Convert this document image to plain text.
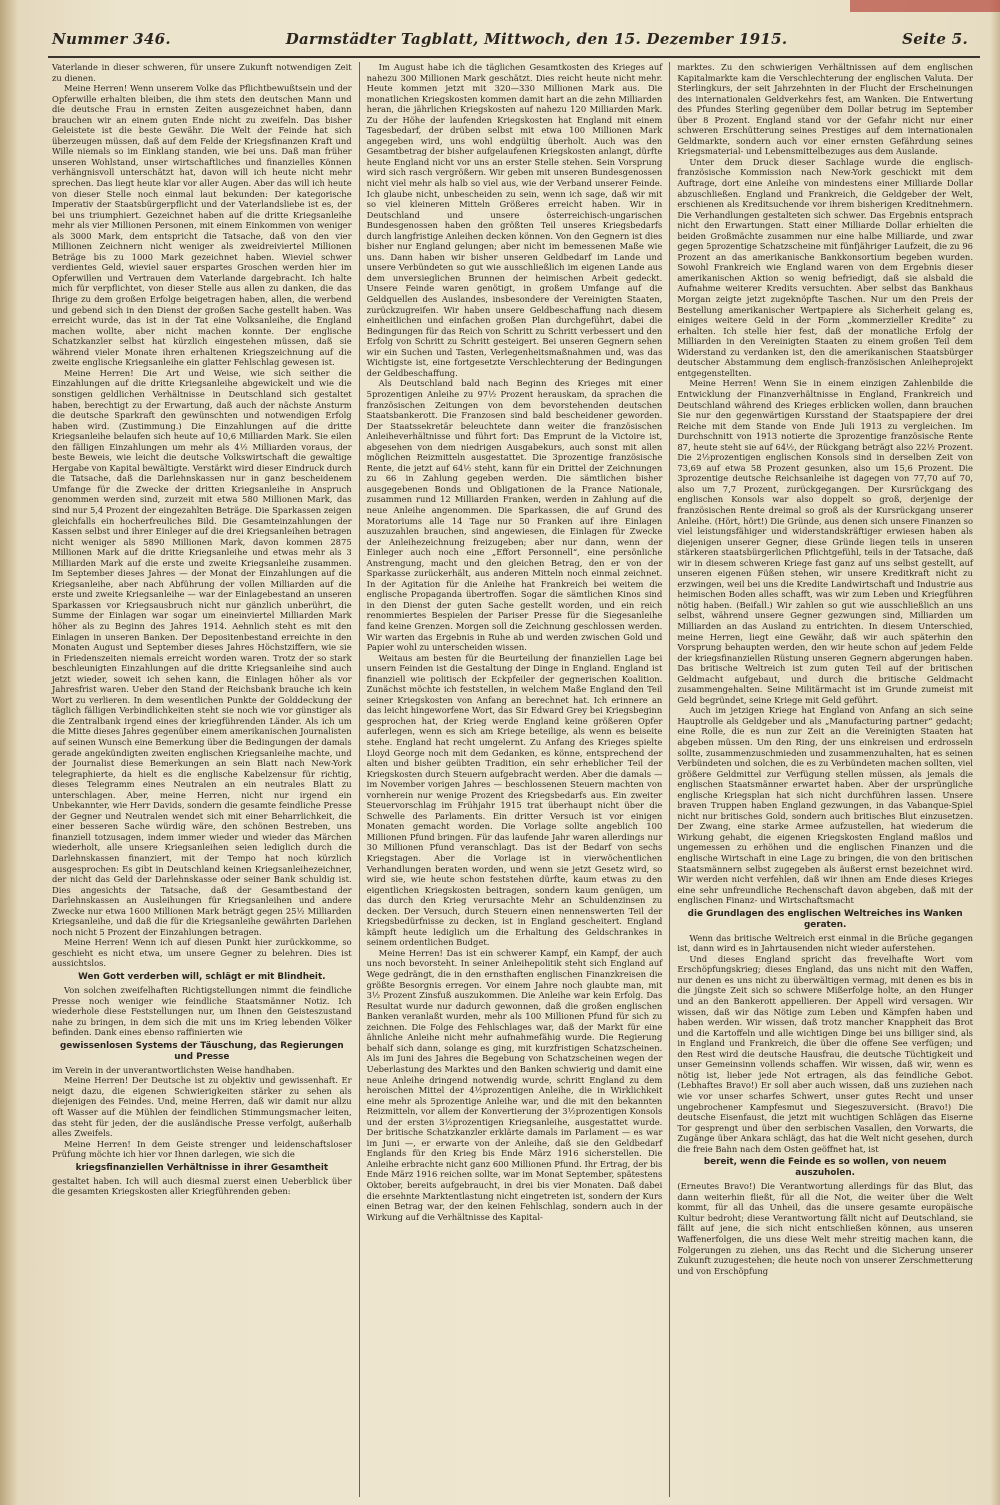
Nummer 346.	Darmstädter Tagblatt, Mittwoch, den 15. Dezember 1915.	Seite 5.

Vaterlande in dieser schweren, für unsere Zukunft notwendigen Zeit zu dienen.

Meine Herren! Wenn unserem Volke das Pflichtbewußtsein und der Opferwille erhalten bleiben, die ihm stets den deutschen Mann und die deutsche Frau in ernsten Zeiten ausgezeichnet haben, dann brauchen wir an einem guten Ende nicht zu zweifeln. Das bisher Geleistete ist die beste Gewähr. Die Welt der Feinde hat sich überzeugen müssen, daß auf dem Felde der Kriegsfinanzen Kraft und Wille niemals so im Einklang standen, wie bei uns. Daß man früher unseren Wohlstand, unser wirtschaftliches und finanzielles Können verhängnisvoll unterschätzt hat, davon will ich heute nicht mehr sprechen. Das liegt heute klar vor aller Augen. Aber das will ich heute von dieser Stelle noch einmal laut bekunden: Der kategorische Imperativ der Staatsbürgerpflicht und der Vaterlandsliebe ist es, der bei uns triumphiert. Gezeichnet haben auf die dritte Kriegsanleihe mehr als vier Millionen Personen, mit einem Einkommen von weniger als 3000 Mark, dem entspricht die Tatsache, daß von den vier Millionen Zeichnern nicht weniger als zweidreiviertel Millionen Beträge bis zu 1000 Mark gezeichnet haben. Wieviel schwer verdientes Geld, wieviel sauer erspartes Groschen werden hier im Opferwillen und Vertrauen dem Vaterlande dargebracht. Ich halte mich für verpflichtet, von dieser Stelle aus allen zu danken, die das Ihrige zu dem großen Erfolge beigetragen haben, allen, die werbend und gebend sich in den Dienst der großen Sache gestellt haben. Was erreicht wurde, das ist in der Tat eine Volksanleihe, die England machen wollte, aber nicht machen konnte. Der englische Schatzkanzler selbst hat kürzlich eingestehen müssen, daß sie während vieler Monate ihren erhaltenen Kriegszeichnung auf die zweite englische Kriegsanleihe ein glatter Fehlschlag gewesen ist.

Meine Herren! Die Art und Weise, wie sich seither die Einzahlungen auf die dritte Kriegsanleihe abgewickelt und wie die sonstigen geldlichen Verhältnisse in Deutschland sich gestaltet haben, berechtigt zu der Erwartung, daß auch der nächste Ansturm die deutsche Sparkraft den gewünschten und notwendigen Erfolg haben wird. (Zustimmung.) Die Einzahlungen auf die dritte Kriegsanleihe belaufen sich heute auf 10,6 Milliarden Mark. Sie eilen den fälligen Einzahlungen um mehr als 4½ Milliarden voraus, der beste Beweis, wie leicht die deutsche Volkswirtschaft die gewaltige Hergabe von Kapital bewältigte. Verstärkt wird dieser Eindruck durch die Tatsache, daß die Darlehnskassen nur in ganz bescheidenem Umfange für die Zwecke der dritten Kriegsanleihe in Anspruch genommen werden sind, zurzeit mit etwa 580 Millionen Mark, das sind nur 5,4 Prozent der eingezahlten Beträge. Die Sparkassen zeigen gleichfalls ein hocherfreuliches Bild. Die Gesamteinzahlungen der Kassen selbst und ihrer Einleger auf die drei Kriegsanleihen betragen nicht weniger als 5890 Millionen Mark, davon kommen 2875 Millionen Mark auf die dritte Kriegsanleihe und etwas mehr als 3 Milliarden Mark auf die erste und zweite Kriegsanleihe zusammen. Im September dieses Jahres — der Monat der Einzahlungen auf die Kriegsanleihe, aber nach Abführung der vollen Milliarden auf die erste und zweite Kriegsanleihe — war der Einlagebestand an unseren Sparkassen vor Kriegsausbruch nicht nur gänzlich unberührt, die Summe der Einlagen war sogar um eineinviertel Milliarden Mark höher als zu Beginn des Jahres 1914. Aehnlich steht es mit den Einlagen in unseren Banken. Der Depositenbestand erreichte in den Monaten August und September dieses Jahres Höchstziffern, wie sie in Friedenszeiten niemals erreicht worden waren. Trotz der so stark beschleunigten Einzahlungen auf die dritte Kriegsanleihe sind auch jetzt wieder, soweit ich sehen kann, die Einlagen höher als vor Jahresfrist waren. Ueber den Stand der Reichsbank brauche ich kein Wort zu verlieren. In dem wesentlichen Punkte der Golddeckung der täglich fälligen Verbindlichkeiten steht sie noch wie vor günstiger als die Zentralbank irgend eines der kriegführenden Länder. Als ich um die Mitte dieses Jahres gegenüber einem amerikanischen Journalisten auf seinen Wunsch eine Bemerkung über die Bedingungen der damals gerade angekündigten zweiten englischen Kriegsanleihe machte, und der Journalist diese Bemerkungen an sein Blatt nach New-York telegraphierte, da hielt es die englische Kabelzensur für richtig, dieses Telegramm eines Neutralen an ein neutrales Blatt zu unterschlagen. Aber, meine Herren, nicht nur irgend ein Unbekannter, wie Herr Davids, sondern die gesamte feindliche Presse der Gegner und Neutralen wendet sich mit einer Beharrlichkeit, die einer besseren Sache würdig wäre, den schönen Bestreben, uns finanziell totzusagen, indem immer wieder und wieder das Märchen wiederholt, alle unsere Kriegsanleihen seien lediglich durch die Darlehnskassen finanziert, mit der Tempo hat noch kürzlich ausgesprochen: Es gibt in Deutschland keinen Kriegsanleihezeichner, der nicht das Geld der Darlehnskasse oder seiner Bank schuldig ist. Dies angesichts der Tatsache, daß der Gesamtbestand der Darlehnskassen an Ausleihungen für Kriegsanleihen und andere Zwecke nur etwa 1600 Millionen Mark beträgt gegen 25½ Milliarden Kriegsanleihe, und daß die für die Kriegsanleihe gewährten Darlehen noch nicht 5 Prozent der Einzahlungen betragen.

Meine Herren! Wenn ich auf diesen Punkt hier zurückkomme, so geschieht es nicht etwa, um unsere Gegner zu belehren. Dies ist aussichtslos.

Wen Gott verderben will, schlägt er mit Blindheit.

Von solchen zweifelhaften Richtigstellungen nimmt die feindliche Presse noch weniger wie feindliche Staatsmänner Notiz. Ich wiederhole diese Feststellungen nur, um Ihnen den Geisteszustand nahe zu bringen, in dem sich die mit uns im Krieg lebenden Völker befinden. Dank eines ebenso raffinierten wie

gewissenlosen Systems der Täuschung, das Regierungen und Presse

im Verein in der unverantwortlichsten Weise handhaben.

Meine Herren! Der Deutsche ist zu objektiv und gewissenhaft. Er neigt dazu, die eigenen Schwierigkeiten stärker zu sehen als diejenigen des Feindes. Und, meine Herren, daß wir damit nur allzu oft Wasser auf die Mühlen der feindlichen Stimmungsmacher leiten, das steht für jeden, der die ausländische Presse verfolgt, außerhalb alles Zweifels.

Meine Herren! In dem Geiste strenger und leidenschaftsloser Prüfung möchte ich hier vor Ihnen darlegen, wie sich die

kriegsfinanziellen Verhältnisse in ihrer Gesamtheit

gestaltet haben. Ich will auch diesmal zuerst einen Ueberblick über die gesamten Kriegskosten aller Kriegführenden geben:

Im August habe ich die täglichen Gesamtkosten des Krieges auf nahezu 300 Millionen Mark geschätzt. Dies reicht heute nicht mehr. Heute kommen jetzt mit 320—330 Millionen Mark aus. Die monatlichen Kriegskosten kommen damit hart an die zehn Milliarden heran, die jährlichen Kriegskosten auf nahezu 120 Milliarden Mark. Zu der Höhe der laufenden Kriegskosten hat England mit einem Tagesbedarf, der drüben selbst mit etwa 100 Millionen Mark angegeben wird, uns wohl endgültig überholt. Auch was den Gesamtbetrag der bisher aufgelaufenen Kriegskosten anlangt, dürfte heute England nicht vor uns an erster Stelle stehen. Sein Vorsprung wird sich rasch vergrößern. Wir geben mit unseren Bundesgenossen nicht viel mehr als halb so viel aus, wie der Verband unserer Feinde. Ich glaube nicht, unbescheiden zu sein, wenn ich sage, daß wir mit so viel kleineren Mitteln Größeres erreicht haben. Wir in Deutschland und unsere österreichisch-ungarischen Bundesgenossen haben den größten Teil unseres Kriegsbedarfs durch langfristige Anleihen decken können. Von den Gegnern ist dies bisher nur England gelungen; aber nicht im bemessenen Maße wie uns. Dann haben wir bisher unseren Geldbedarf im Lande und unsere Verbündeten so gut wie ausschließlich im eigenen Lande aus dem unversieglichen Brunnen der heimischen Arbeit gedeckt. Unsere Feinde waren genötigt, in großem Umfange auf die Geldquellen des Auslandes, insbesondere der Vereinigten Staaten, zurückzugreifen. Wir haben unsere Geldbeschaffung nach diesem einheitlichen und einfachen großen Plan durchgeführt, dabei die Bedingungen für das Reich von Schritt zu Schritt verbessert und den Erfolg von Schritt zu Schritt gesteigert. Bei unseren Gegnern sehen wir ein Suchen und Tasten, Verlegenheitsmaßnahmen und, was das Wichtigste ist, eine fortgesetzte Verschlechterung der Bedingungen der Geldbeschaffung.

Als Deutschland bald nach Beginn des Krieges mit einer 5prozentigen Anleihe zu 97½ Prozent herauskam, da sprachen die französischen Zeitungen von dem bevorstehenden deutschen Staatsbankerott. Die Franzosen sind bald bescheidener geworden. Der Staatssekretär beleuchtete dann weiter die französischen Anleiheverhältnisse und führt fort: Das Emprunt de la Victoire ist, abgesehen von dem niedrigen Ausgabekurs, auch sonst mit allen möglichen Reizmitteln ausgestattet. Die 3prozentige französische Rente, die jetzt auf 64½ steht, kann für ein Drittel der Zeichnungen zu 66 in Zahlung gegeben werden. Die sämtlichen bisher ausgegebenen Bonds und Obligationen de la France Nationale, zusammen rund 12 Milliarden Franken, werden in Zahlung auf die neue Anleihe angenommen. Die Sparkassen, die auf Grund des Moratoriums alle 14 Tage nur 50 Franken auf ihre Einlagen auszuzahlen brauchen, sind angewiesen, die Einlagen für Zwecke der Anleihezeichnung freizugeben; aber nur dann, wenn der Einleger auch noch eine „Effort Personnell“, eine persönliche Anstrengung, macht und den gleichen Betrag, den er von der Sparkasse zurückerhält, aus anderen Mitteln noch einmal zeichnet. In der Agitation für die Anleihe hat Frankreich bei weitem die englische Propaganda übertroffen. Sogar die sämtlichen Kinos sind in den Dienst der guten Sache gestellt worden, und ein reich renommiertes Bespielen der Pariser Presse für die Siegesanleihe fand keine Grenzen. Morgen soll die Zeichnung geschlossen werden. Wir warten das Ergebnis in Ruhe ab und werden zwischen Gold und Papier wohl zu unterscheiden wissen.

Weitaus am besten für die Beurteilung der finanziellen Lage bei unsern Feinden ist die Gestaltung der Dinge in England. England ist finanziell wie politisch der Eckpfeiler der gegnerischen Koalition. Zunächst möchte ich feststellen, in welchem Maße England den Teil seiner Kriegskosten von Anfang an berechnet hat. Ich erinnere an das leicht hingeworfene Wort, das Sir Edward Grey bei Kriegsbeginn gesprochen hat, der Krieg werde England keine größeren Opfer auferlegen, wenn es sich am Kriege beteilige, als wenn es beiseite stehe. England hat recht umgelernt. Zu Anfang des Krieges spielte Lloyd George noch mit dem Gedanken, es könne, entsprechend der alten und bisher geübten Tradition, ein sehr erheblicher Teil der Kriegskosten durch Steuern aufgebracht werden. Aber die damals — im November vorigen Jahres — beschlossenen Steuern machten von vornherein nur wenige Prozent des Kriegsbedarfs aus. Ein zweiter Steuervorschlag im Frühjahr 1915 trat überhaupt nicht über die Schwelle des Parlaments. Ein dritter Versuch ist vor einigen Monaten gemacht worden. Die Vorlage sollte angeblich 100 Millionen Pfund bringen. Für das laufende Jahr waren allerdings nur 30 Millionen Pfund veranschlagt. Das ist der Bedarf von sechs Kriegstagen. Aber die Vorlage ist in vierwöchentlichen Verhandlungen beraten worden, und wenn sie jetzt Gesetz wird, so wird sie, wie heute schon feststehen dürfte, kaum etwas zu den eigentlichen Kriegskosten beitragen, sondern kaum genügen, um das durch den Krieg verursachte Mehr an Schuldenzinsen zu decken. Der Versuch, durch Steuern einen nennenswerten Teil der Kriegsbedürfnisse zu decken, ist in England gescheitert. England kämpft heute lediglich um die Erhaltung des Geldschrankes in seinem ordentlichen Budget.

Meine Herren! Das ist ein schwerer Kampf, ein Kampf, der auch uns noch bevorsteht. In seiner Anleihepolitik steht sich England auf Wege gedrängt, die in den ernsthaften englischen Finanzkreisen die größte Besorgnis erregen. Vor einem Jahre noch glaubte man, mit 3½ Prozent Zinsfuß auszukommen. Die Anleihe war kein Erfolg. Das Resultat wurde nur dadurch gewonnen, daß die großen englischen Banken veranlaßt wurden, mehr als 100 Millionen Pfund für sich zu zeichnen. Die Folge des Fehlschlages war, daß der Markt für eine ähnliche Anleihe nicht mehr aufnahmefähig wurde. Die Regierung behalf sich dann, solange es ging, mit kurzfristigen Schatzscheinen. Als im Juni des Jahres die Begebung von Schatzscheinen wegen der Ueberlastung des Marktes und den Banken schwierig und damit eine neue Anleihe dringend notwendig wurde, schritt England zu dem heroischen Mittel der 4½prozentigen Anleihe, die in Wirklichkeit eine mehr als 5prozentige Anleihe war, und die mit den bekannten Reizmitteln, vor allem der Konvertierung der 3½prozentigen Konsols und der ersten 3½prozentigen Kriegsanleihe, ausgestattet wurde. Der britische Schatzkanzler erklärte damals im Parlament — es war im Juni —, er erwarte von der Anleihe, daß sie den Geldbedarf Englands für den Krieg bis Ende März 1916 sicherstellen. Die Anleihe erbrachte nicht ganz 600 Millionen Pfund. Ihr Ertrag, der bis Ende März 1916 reichen sollte, war im Monat September, spätestens Oktober, bereits aufgebraucht, in drei bis vier Monaten. Daß dabei die ersehnte Marktentlastung nicht eingetreten ist, sondern der Kurs einen Betrag war, der den keinen Fehlschlag, sondern auch in der Wirkung auf die Verhältnisse des Kapital-

marktes. Zu den schwierigen Verhältnissen auf dem englischen Kapitalmarkte kam die Verschlechterung der englischen Valuta. Der Sterlingkurs, der seit Jahrzehnten in der Flucht der Erscheinungen des internationalen Geldverkehrs fest, am Wanken. Die Entwertung des Pfundes Sterling gegenüber dem Dollar betrug im September über 8 Prozent. England stand vor der Gefahr nicht nur einer schweren Erschütterung seines Prestiges auf dem internationalen Geldmarkte, sondern auch vor einer ernsten Gefährdung seines Kriegsmaterial- und Lebensmittelbezuges aus dem Auslande.

Unter dem Druck dieser Sachlage wurde die englisch-französische Kommission nach New-York geschickt mit dem Auftrage, dort eine Anleihe von mindestens einer Milliarde Dollar abzuschließen. England und Frankreich, die Geldgeber der Welt, erschienen als Kreditsuchende vor ihrem bisherigen Kreditnehmern. Die Verhandlungen gestalteten sich schwer. Das Ergebnis entsprach nicht den Erwartungen. Statt einer Milliarde Dollar erhielten die beiden Großmächte zusammen nur eine halbe Milliarde, und zwar gegen 5prozentige Schatzscheine mit fünfjähriger Laufzeit, die zu 96 Prozent an das amerikanische Bankkonsortium begeben wurden. Sowohl Frankreich wie England waren von dem Ergebnis dieser amerikanischen Aktion so wenig befriedigt, daß sie alsbald die Aufnahme weiterer Kredits versuchten. Aber selbst das Bankhaus Morgan zeigte jetzt zugeknöpfte Taschen. Nur um den Preis der Bestellung amerikanischer Wertpapiere als Sicherheit gelang es, einiges weitere Geld in der Form „kommerzieller Kredite“ zu erhalten. Ich stelle hier fest, daß der monatliche Erfolg der Milliarden in den Vereinigten Staaten zu einem großen Teil dem Widerstand zu verdanken ist, den die amerikanischen Staatsbürger deutscher Abstammung dem englisch-französischen Anleiheprojekt entgegenstellten.

Meine Herren! Wenn Sie in einem einzigen Zahlenbilde die Entwicklung der Finanzverhältnisse in England, Frankreich und Deutschland während des Krieges erblicken wollen, dann brauchen Sie nur den gegenwärtigen Kursstand der Staatspapiere der drei Reiche mit dem Stande von Ende Juli 1913 zu vergleichen. Im Durchschnitt von 1913 notierte die 3prozentige französische Rente 87, heute steht sie auf 64½, der Rückgang beträgt also 22½ Prozent. Die 2½prozentigen englischen Konsols sind in derselben Zeit von 73,69 auf etwa 58 Prozent gesunken, also um 15,6 Prozent. Die 3prozentige deutsche Reichsanleihe ist dagegen von 77,70 auf 70, also um 7,7 Prozent, zurückgegangen. Der Kursrückgang des englischen Konsols war also doppelt so groß, derjenige der französischen Rente dreimal so groß als der Kursrückgang unserer Anleihe. (Hört, hört!) Die Gründe, aus denen sich unsere Finanzen so viel leistungsfähiger und widerstandskräftiger erwiesen haben als diejenigen unserer Gegner, diese Gründe liegen teils in unseren stärkeren staatsbürgerlichen Pflichtgefühl, teils in der Tatsache, daß wir in diesem schweren Kriege fast ganz auf uns selbst gestellt, auf unseren eigenen Füßen stehen, wir unsere Kreditkraft nicht zu erzwingen, weil bei uns die Kredite Landwirtschaft und Industrie aus heimischen Boden alles schafft, was wir zum Leben und Kriegführen nötig haben. (Beifall.) Wir zahlen so gut wie ausschließlich an uns selbst, während unsere Gegner gezwungen sind, Milliarden um Milliarden an das Ausland zu entrichten. In diesem Unterschied, meine Herren, liegt eine Gewähr, daß wir auch späterhin den Vorsprung behaupten werden, den wir heute schon auf jedem Felde der kriegsfinanziellen Rüstung unseren Gegnern abgerungen haben. Das britische Weltreich ist zum guten Teil auf der britischen Geldmacht aufgebaut, und durch die britische Geldmacht zusammengehalten. Seine Militärmacht ist im Grunde zumeist mit Geld begründet, seine Kriege mit Geld geführt.

Auch im jetzigen Kriege hat England von Anfang an sich seine Hauptrolle als Geldgeber und als „Manufacturing partner“ gedacht; eine Rolle, die es nun zur Zeit an die Vereinigten Staaten hat abgeben müssen. Um den Ring, der uns einkreisen und erdrosseln sollte, zusammenzuschmieden und zusammenzuhalten, hat es seinen Verbündeten und solchen, die es zu Verbündeten machen sollten, viel größere Geldmittel zur Verfügung stellen müssen, als jemals die englischen Staatsmänner erwartet haben. Aber der ursprüngliche englische Kriegsplan hat sich nicht durchführen lassen. Unsere braven Truppen haben England gezwungen, in das Vabanque-Spiel nicht nur britisches Gold, sondern auch britisches Blut einzusetzen. Der Zwang, eine starke Armee aufzustellen, hat wiederum die Wirkung gehabt, die eigenen Kriegskosten England maßlos und ungemessen zu erhöhen und die englischen Finanzen und die englische Wirtschaft in eine Lage zu bringen, die von den britischen Staatsmännern selbst zugegeben als äußerst ernst bezeichnet wird. Wir werden nicht verfehlen, daß wir ihnen am Ende dieses Krieges eine sehr unfreundliche Rechenschaft davon abgeben, daß mit der englischen Finanz- und Wirtschaftsmacht

die Grundlagen des englischen Weltreiches ins Wanken geraten.

Wenn das britische Weltreich erst einmal in die Brüche gegangen ist, dann wird es in Jahrtausenden nicht wieder auferstehen.

Und dieses England spricht das frevelhafte Wort vom Erschöpfungskrieg; dieses England, das uns nicht mit den Waffen, nur denen es uns nicht zu überwältigen vermag, mit denen es bis in die jüngste Zeit sich so schwere Mißerfolge holte, an den Hunger und an den Bankerott appellieren. Der Appell wird versagen. Wir wissen, daß wir das Nötige zum Leben und Kämpfen haben und haben werden. Wir wissen, daß trotz mancher Knappheit das Brot und die Kartoffeln und alle wichtigen Dinge bei uns billiger sind, als in England und Frankreich, die über die offene See verfügen; und den Rest wird die deutsche Hausfrau, die deutsche Tüchtigkeit und unser Gemeinsinn vollends schaffen. Wir wissen, daß wir, wenn es nötig ist, lieber jede Not ertragen, als das feindliche Gebot. (Lebhaftes Bravo!) Er soll aber auch wissen, daß uns zuziehen nach wie vor unser scharfes Schwert, unser gutes Recht und unser ungebrochener Kampfesmut und Siegeszuversicht. (Bravo!) Die deutsche Eisenfaust, die jetzt mit wuchtigen Schlägen das Eiserne Tor gesprengt und über den serbischen Vasallen, den Vorwarts, die Zugänge über Ankara schlägt, das hat die Welt nicht gesehen, durch die freie Bahn nach dem Osten geöffnet hat, ist

bereit, wenn die Feinde es so wollen, von neuem auszuholen.

(Erneutes Bravo!) Die Verantwortung allerdings für das Blut, das dann weiterhin fließt, für all die Not, die weiter über die Welt kommt, für all das Unheil, das die unsere gesamte europäische Kultur bedroht; diese Verantwortung fällt nicht auf Deutschland, sie fällt auf jene, die sich nicht entschließen können, aus unseren Waffenerfolgen, die uns diese Welt mehr streitig machen kann, die Folgerungen zu ziehen, uns das Recht und die Sicherung unserer Zukunft zuzugestehen; die heute noch von unserer Zerschmetterung und von Erschöpfung
